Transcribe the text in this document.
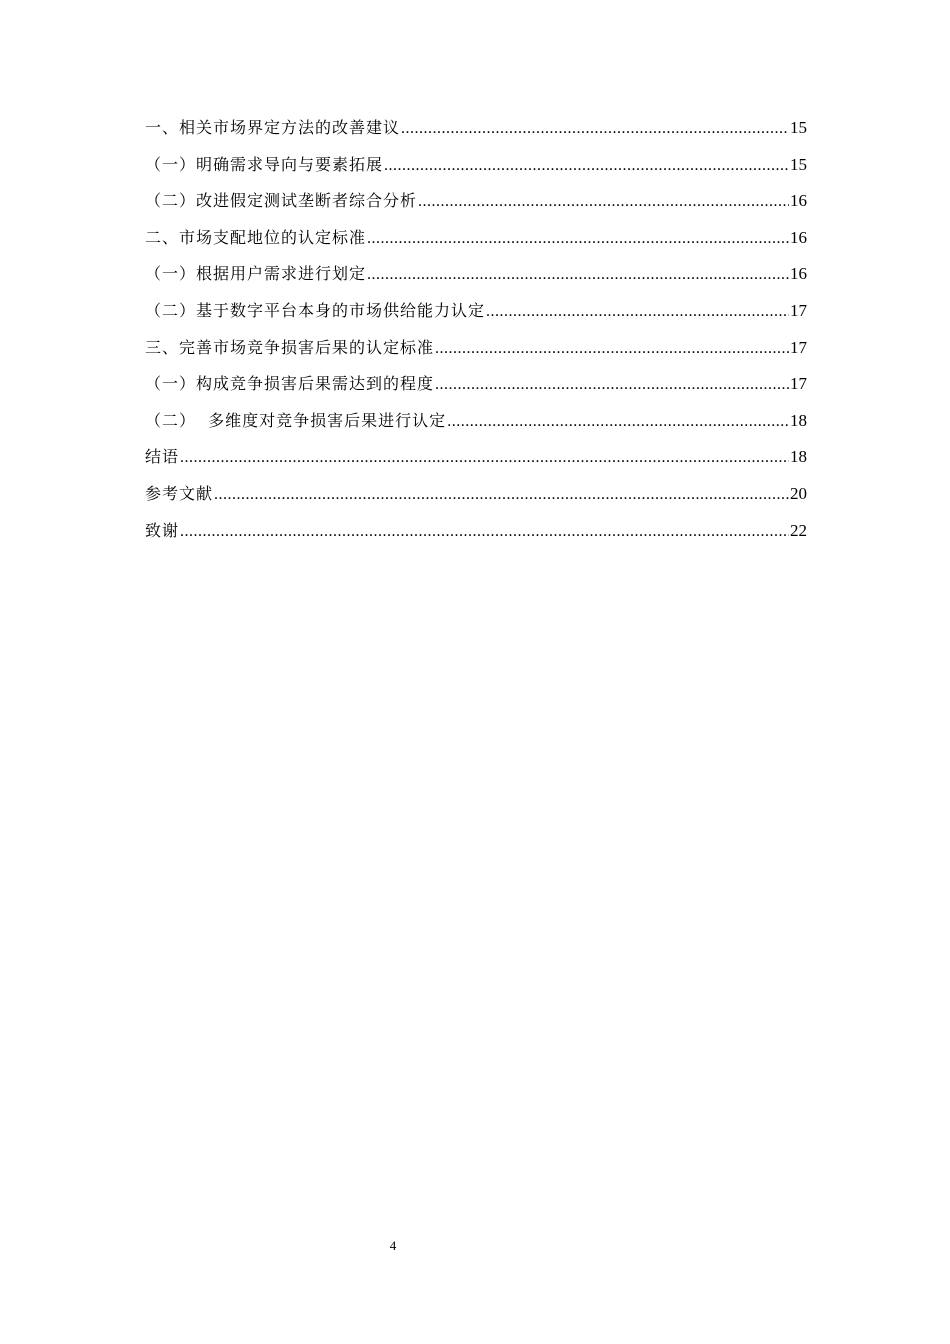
一、相关市场界定方法的改善建议 .....	15
（一）明确需求导向与要素拓展 .....	15
（二）改进假定测试垄断者综合分析 .....	16
二、市场支配地位的认定标准 .....	16
（一）根据用户需求进行划定 .....	16
（二）基于数字平台本身的市场供给能力认定 .....	17
三、完善市场竞争损害后果的认定标准 .....	17
（一）构成竞争损害后果需达到的程度 .....	17
（二）  多维度对竞争损害后果进行认定 .....	18
结语 .....	18
参考文献 .....	20
致谢 .....	22
4
